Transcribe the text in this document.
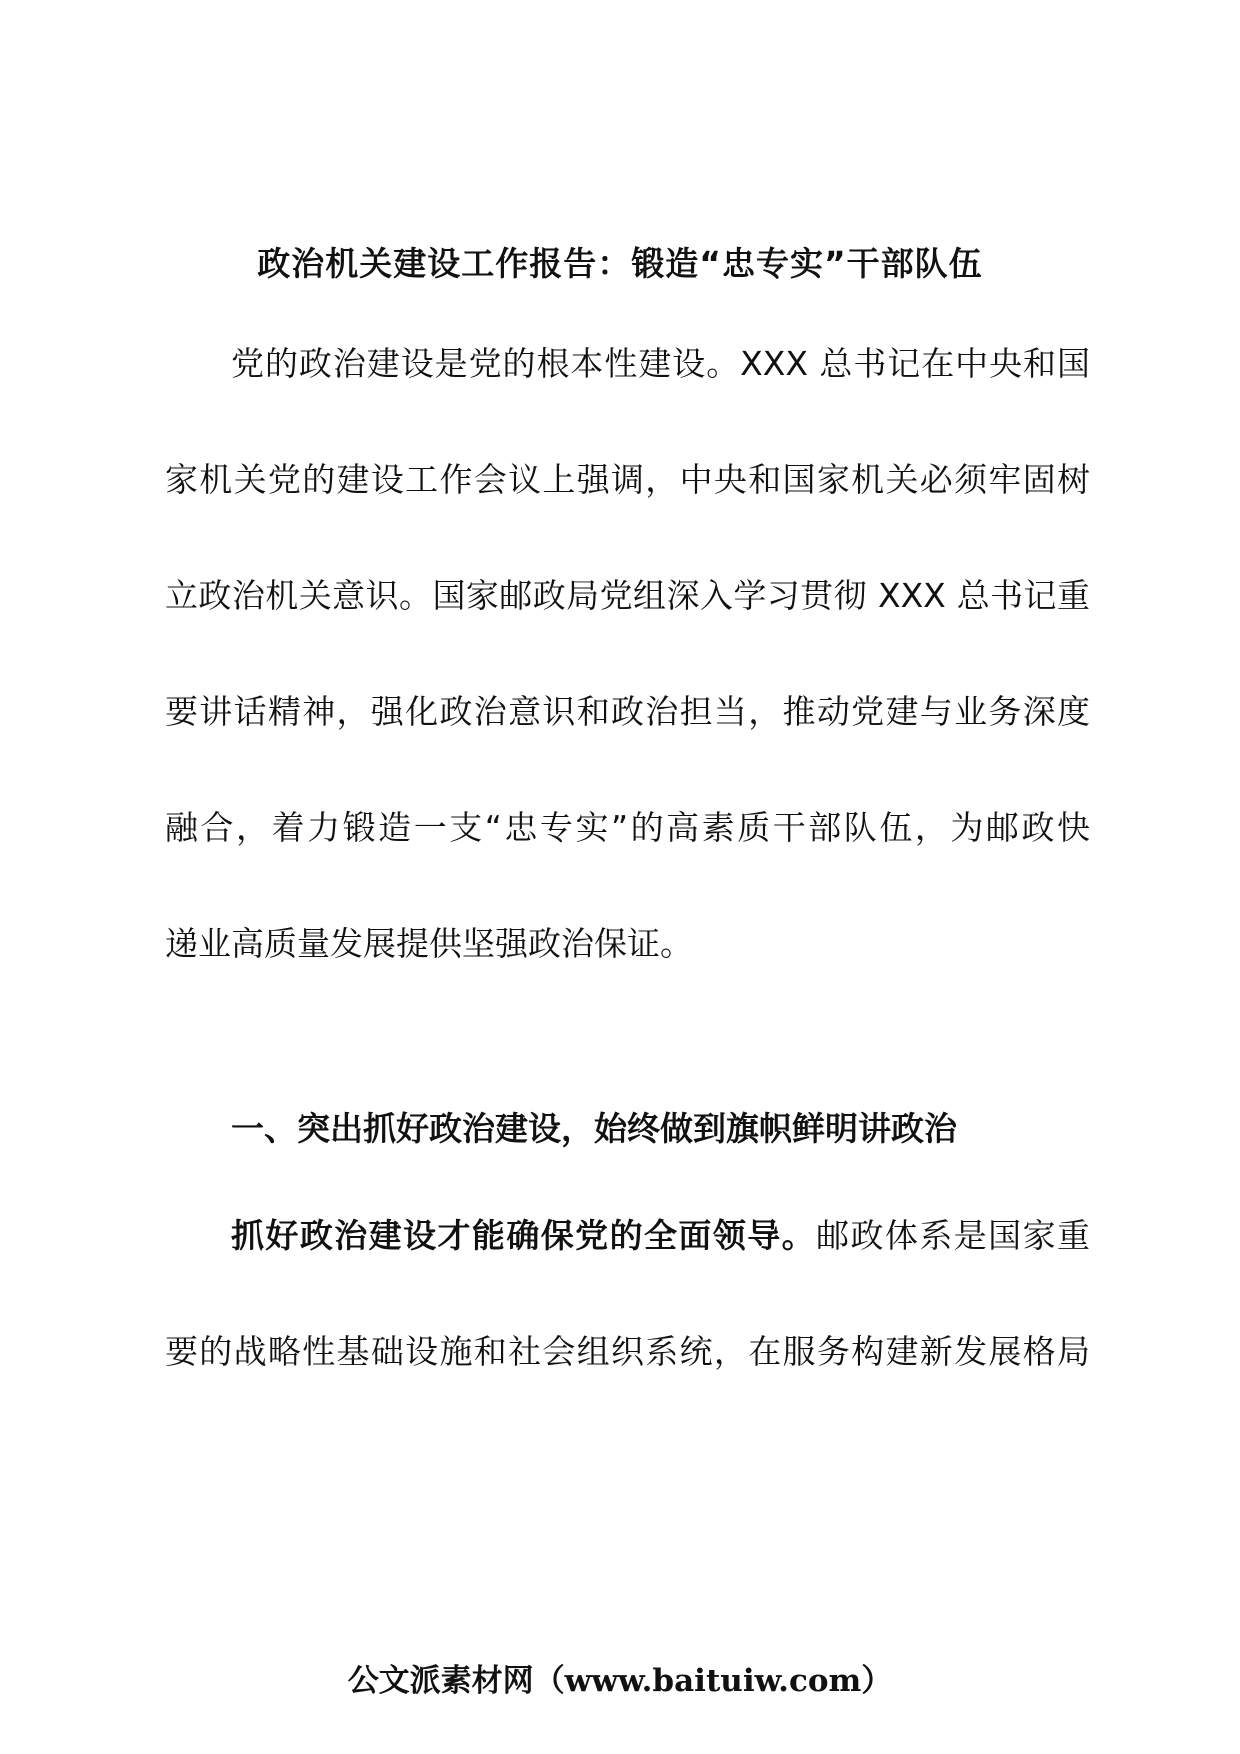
政治机关建设工作报告：锻造“忠专实”干部队伍
党的政治建设是党的根本性建设。XXX 总书记在中央和国
家机关党的建设工作会议上强调，中央和国家机关必须牢固树
立政治机关意识。国家邮政局党组深入学习贯彻 XXX 总书记重
要讲话精神，强化政治意识和政治担当，推动党建与业务深度
融合，着力锻造一支“忠专实”的高素质干部队伍，为邮政快
递业高质量发展提供坚强政治保证。
一、突出抓好政治建设，始终做到旗帜鲜明讲政治
抓好政治建设才能确保党的全面领导。邮政体系是国家重
要的战略性基础设施和社会组织系统，在服务构建新发展格局
公文派素材网（www.baituiw.com）
